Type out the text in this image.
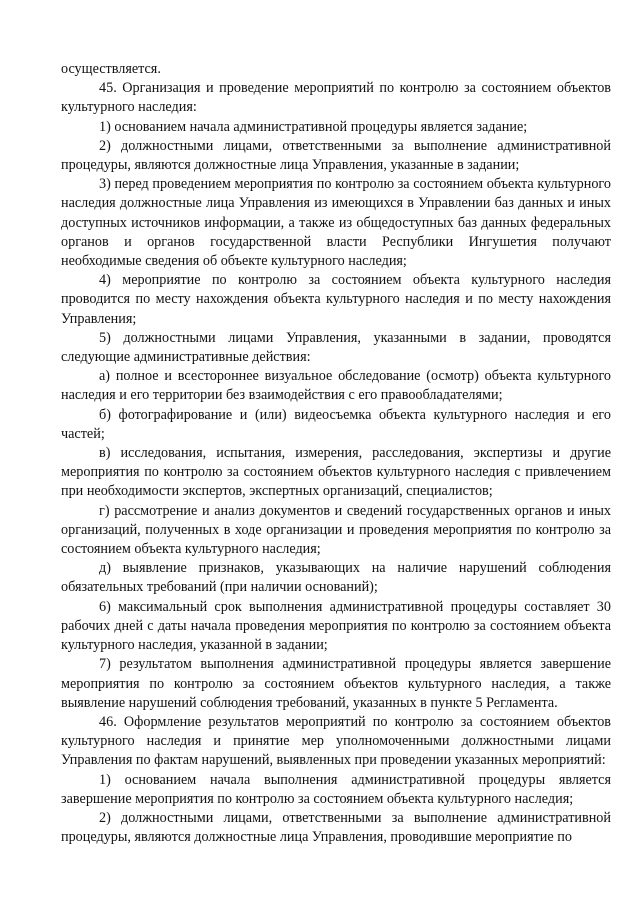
осуществляется.

45. Организация и проведение мероприятий по контролю за состоянием объектов культурного наследия:

1) основанием начала административной процедуры является задание;

2) должностными лицами, ответственными за выполнение административной процедуры, являются должностные лица Управления, указанные в задании;

3) перед проведением мероприятия по контролю за состоянием объекта культурного наследия должностные лица Управления из имеющихся в Управлении баз данных и иных доступных источников информации, а также из общедоступных баз данных федеральных органов и органов государственной власти Республики Ингушетия получают необходимые сведения об объекте культурного наследия;

4) мероприятие по контролю за состоянием объекта культурного наследия проводится по месту нахождения объекта культурного наследия и по месту нахождения Управления;

5) должностными лицами Управления, указанными в задании, проводятся следующие административные действия:

а) полное и всестороннее визуальное обследование (осмотр) объекта культурного наследия и его территории без взаимодействия с его правообладателями;

б) фотографирование и (или) видеосъемка объекта культурного наследия и его частей;

в) исследования, испытания, измерения, расследования, экспертизы и другие мероприятия по контролю за состоянием объектов культурного наследия с привлечением при необходимости экспертов, экспертных организаций, специалистов;

г) рассмотрение и анализ документов и сведений государственных органов и иных организаций, полученных в ходе организации и проведения мероприятия по контролю за состоянием объекта культурного наследия;

д) выявление признаков, указывающих на наличие нарушений соблюдения обязательных требований (при наличии оснований);

6) максимальный срок выполнения административной процедуры составляет 30 рабочих дней с даты начала проведения мероприятия по контролю за состоянием объекта культурного наследия, указанной в задании;

7) результатом выполнения административной процедуры является завершение мероприятия по контролю за состоянием объектов культурного наследия, а также выявление нарушений соблюдения требований, указанных в пункте 5 Регламента.

46. Оформление результатов мероприятий по контролю за состоянием объектов культурного наследия и принятие мер уполномоченными должностными лицами Управления по фактам нарушений, выявленных при проведении указанных мероприятий:

1) основанием начала выполнения административной процедуры является завершение мероприятия по контролю за состоянием объекта культурного наследия;

2) должностными лицами, ответственными за выполнение административной процедуры, являются должностные лица Управления, проводившие мероприятие по
